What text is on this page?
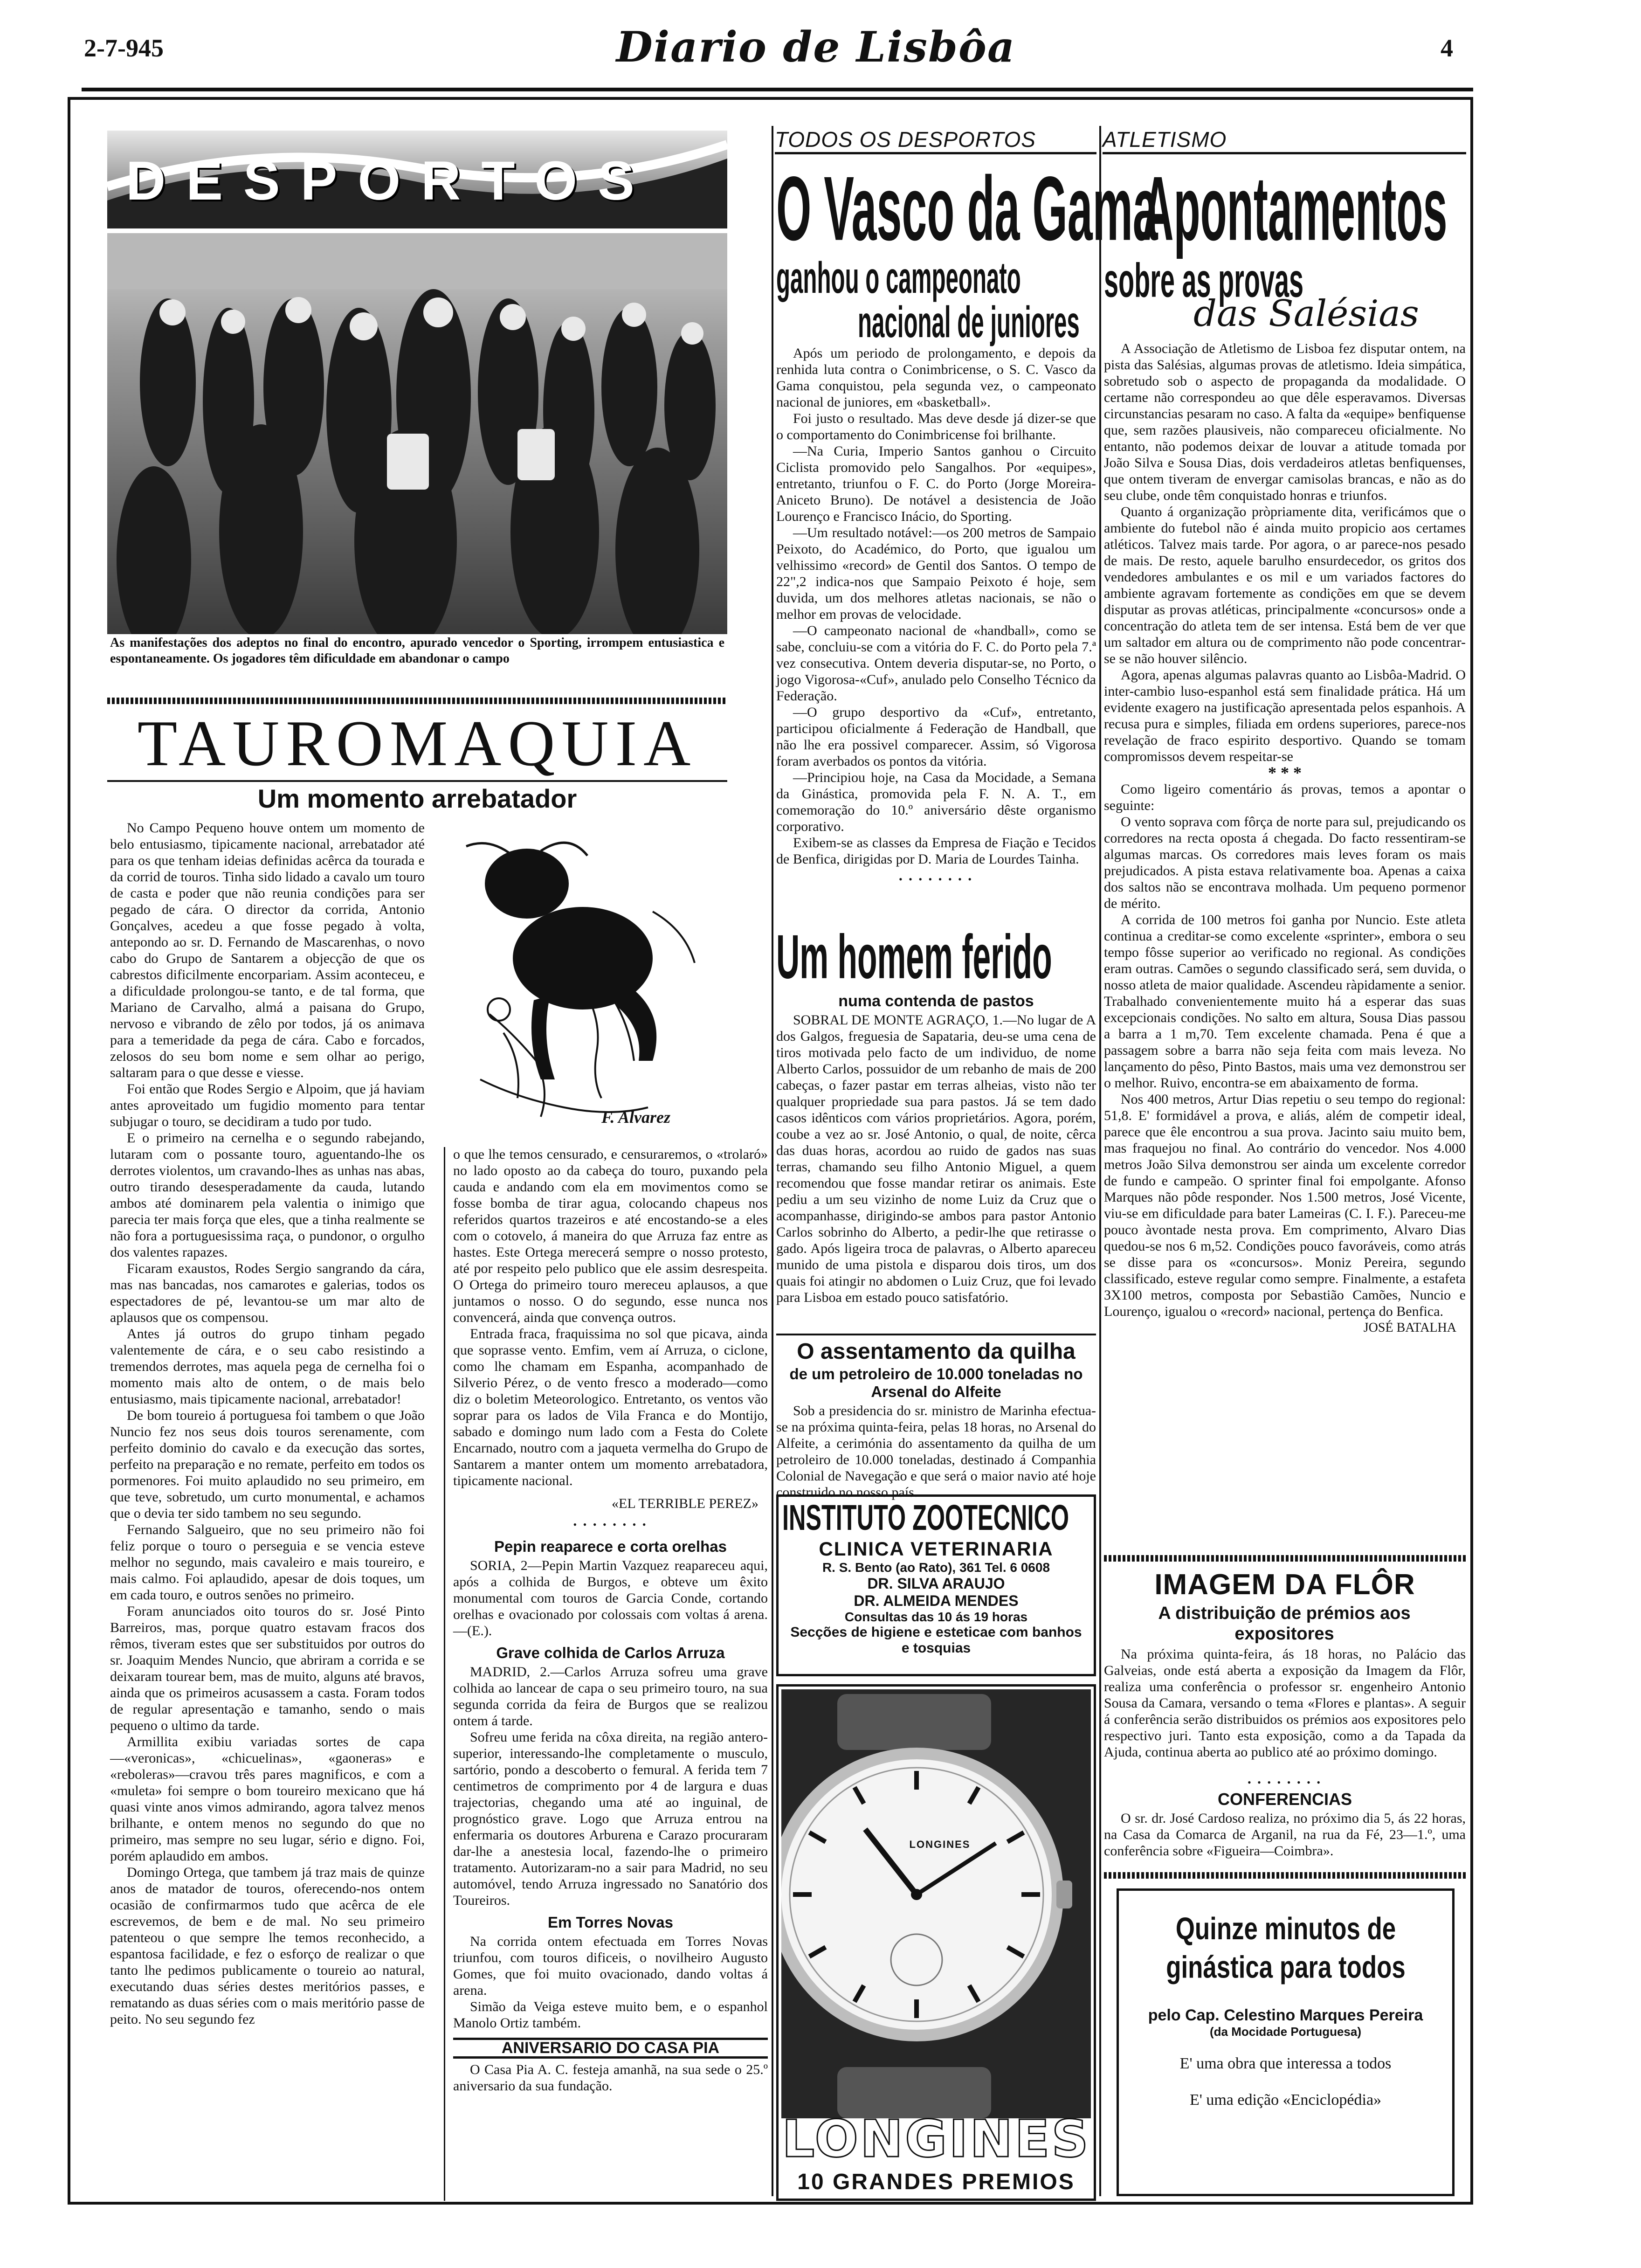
2-7-945	Diario de Lisbôa	4
DESPORTOS
As manifestações dos adeptos no final do encontro, apurado vencedor o Sporting, irrompem entusiastica e espontaneamente. Os jogadores têm dificuldade em abandonar o campo
TAUROMAQUIA
Um momento arrebatador
F. Alvarez

No Campo Pequeno houve ontem um momento de belo entusiasmo, tipicamente nacional, arrebatador até para os que tenham ideias definidas acêrca da tourada e da corrid de touros. Tinha sido lidado a cavalo um touro de casta e poder que não reunia condições para ser pegado de cára. O director da corrida, Antonio Gonçalves, acedeu a que fosse pegado à volta, antepondo ao sr. D. Fernando de Mascarenhas, o novo cabo do Grupo de Santarem a objecção de que os cabrestos dificilmente encorpariam. Assim aconteceu, e a dificuldade prolongou-se tanto, e de tal forma, que Mariano de Carvalho, almá a paisana do Grupo, nervoso e vibrando de zêlo por todos, já os animava para a temeridade da pega de cára. Cabo e forcados, zelosos do seu bom nome e sem olhar ao perigo, saltaram para o que desse e viesse.

Foi então que Rodes Sergio e Alpoim, que já haviam antes aproveitado um fugidio momento para tentar subjugar o touro, se decidiram a tudo por tudo.

E o primeiro na cernelha e o segundo rabejando, lutaram com o possante touro, aguentando-lhe os derrotes violentos, um cravando-lhes as unhas nas abas, outro tirando desesperadamente da cauda, lutando ambos até dominarem pela valentia o inimigo que parecia ter mais força que eles, que a tinha realmente se não fora a portuguesissima raça, o pundonor, o orgulho dos valentes rapazes.

Ficaram exaustos, Rodes Sergio sangrando da cára, mas nas bancadas, nos camarotes e galerias, todos os espectadores de pé, levantou-se um mar alto de aplausos que os compensou.

Antes já outros do grupo tinham pegado valentemente de cára, e o seu cabo resistindo a tremendos derrotes, mas aquela pega de cernelha foi o momento mais alto de ontem, o de mais belo entusiasmo, mais tipicamente nacional, arrebatador!

De bom toureio á portuguesa foi tambem o que João Nuncio fez nos seus dois touros serenamente, com perfeito dominio do cavalo e da execução das sortes, perfeito na preparação e no remate, perfeito em todos os pormenores. Foi muito aplaudido no seu primeiro, em que teve, sobretudo, um curto monumental, e achamos que o devia ter sido tambem no seu segundo.

Fernando Salgueiro, que no seu primeiro não foi feliz porque o touro o perseguia e se vencia esteve melhor no segundo, mais cavaleiro e mais toureiro, e mais calmo. Foi aplaudido, apesar de dois toques, um em cada touro, e outros senões no primeiro.

Foram anunciados oito touros do sr. José Pinto Barreiros, mas, porque quatro estavam fracos dos rêmos, tiveram estes que ser substituidos por outros do sr. Joaquim Mendes Nuncio, que abriram a corrida e se deixaram tourear bem, mas de muito, alguns até bravos, ainda que os primeiros acusassem a casta. Foram todos de regular apresentação e tamanho, sendo o mais pequeno o ultimo da tarde.

Armillita exibiu variadas sortes de capa—«veronicas», «chicuelinas», «gaoneras» e «reboleras»—cravou três pares magnificos, e com a «muleta» foi sempre o bom toureiro mexicano que há quasi vinte anos vimos admirando, agora talvez menos brilhante, e ontem menos no segundo do que no primeiro, mas sempre no seu lugar, sério e digno. Foi, porém aplaudido em ambos.

Domingo Ortega, que tambem já traz mais de quinze anos de matador de touros, oferecendo-nos ontem ocasião de confirmarmos tudo que acêrca de ele escrevemos, de bem e de mal. No seu primeiro patenteou o que sempre lhe temos reconhecido, a espantosa facilidade, e fez o esforço de realizar o que tanto lhe pedimos publicamente o toureio ao natural, executando duas séries destes meritórios passes, e rematando as duas séries com o mais meritório passe de peito. No seu segundo fez

o que lhe temos censurado, e censuraremos, o «trolaró» no lado oposto ao da cabeça do touro, puxando pela cauda e andando com ela em movimentos como se fosse bomba de tirar agua, colocando chapeus nos referidos quartos trazeiros e até encostando-se a eles com o cotovelo, á maneira do que Arruza faz entre as hastes. Este Ortega merecerá sempre o nosso protesto, até por respeito pelo publico que ele assim desrespeita. O Ortega do primeiro touro mereceu aplausos, a que juntamos o nosso. O do segundo, esse nunca nos convencerá, ainda que convença outros.

Entrada fraca, fraquissima no sol que picava, ainda que soprasse vento. Emfim, vem aí Arruza, o ciclone, como lhe chamam em Espanha, acompanhado de Silverio Pérez, o de vento fresco a moderado—como diz o boletim Meteorologico. Entretanto, os ventos vão soprar para os lados de Vila Franca e do Montijo, sabado e domingo num lado com a Festa do Colete Encarnado, noutro com a jaqueta vermelha do Grupo de Santarem a manter ontem um momento arrebatadora, tipicamente nacional.

«EL TERRIBLE PEREZ»
• • • • • • • •
Pepin reaparece e corta orelhas

SORIA, 2—Pepin Martin Vazquez reapareceu aqui, após a colhida de Burgos, e obteve um êxito monumental com touros de Garcia Conde, cortando orelhas e ovacionado por colossais com voltas á arena.—(E.).

Grave colhida de Carlos Arruza

MADRID, 2.—Carlos Arruza sofreu uma grave colhida ao lancear de capa o seu primeiro touro, na sua segunda corrida da feira de Burgos que se realizou ontem á tarde.

Sofreu ume ferida na côxa direita, na região antero-superior, interessando-lhe completamente o musculo, sartório, pondo a descoberto o femural. A ferida tem 7 centimetros de comprimento por 4 de largura e duas trajectorias, chegando uma até ao inguinal, de prognóstico grave. Logo que Arruza entrou na enfermaria os doutores Arburena e Carazo procuraram dar-lhe a anestesia local, fazendo-lhe o primeiro tratamento. Autorizaram-no a sair para Madrid, no seu automóvel, tendo Arruza ingressado no Sanatório dos Toureiros.

Em Torres Novas

Na corrida ontem efectuada em Torres Novas triunfou, com touros dificeis, o novilheiro Augusto Gomes, que foi muito ovacionado, dando voltas á arena.

Simão da Veiga esteve muito bem, e o espanhol Manolo Ortiz também.

ANIVERSARIO DO CASA PIA

O Casa Pia A. C. festeja amanhã, na sua sede o 25.º aniversario da sua fundação.

TODOS OS DESPORTOS
O Vasco da Gama
ganhou o campeonato
nacional de juniores

Após um periodo de prolongamento, e depois da renhida luta contra o Conimbricense, o S. C. Vasco da Gama conquistou, pela segunda vez, o campeonato nacional de juniores, em «basketball».

Foi justo o resultado. Mas deve desde já dizer-se que o comportamento do Conimbricense foi brilhante.

—Na Curia, Imperio Santos ganhou o Circuito Ciclista promovido pelo Sangalhos. Por «equipes», entretanto, triunfou o F. C. do Porto (Jorge Moreira-Aniceto Bruno). De notável a desistencia de João Lourenço e Francisco Inácio, do Sporting.

—Um resultado notável:—os 200 metros de Sampaio Peixoto, do Académico, do Porto, que igualou um velhissimo «record» de Gentil dos Santos. O tempo de 22",2 indica-nos que Sampaio Peixoto é hoje, sem duvida, um dos melhores atletas nacionais, se não o melhor em provas de velocidade.

—O campeonato nacional de «handball», como se sabe, concluiu-se com a vitória do F. C. do Porto pela 7.ª vez consecutiva. Ontem deveria disputar-se, no Porto, o jogo Vigorosa-«Cuf», anulado pelo Conselho Técnico da Federação.

—O grupo desportivo da «Cuf», entretanto, participou oficialmente á Federação de Handball, que não lhe era possivel comparecer. Assim, só Vigorosa foram averbados os pontos da vitória.

—Principiou hoje, na Casa da Mocidade, a Semana da Ginástica, promovida pela F. N. A. T., em comemoração do 10.º aniversário dêste organismo corporativo.

Exibem-se as classes da Empresa de Fiação e Tecidos de Benfica, dirigidas por D. Maria de Lourdes Tainha.

• • • • • • • •
Um homem ferido
numa contenda de pastos

SOBRAL DE MONTE AGRAÇO, 1.—No lugar de A dos Galgos, freguesia de Sapataria, deu-se uma cena de tiros motivada pelo facto de um individuo, de nome Alberto Carlos, possuidor de um rebanho de mais de 200 cabeças, o fazer pastar em terras alheias, visto não ter qualquer propriedade sua para pastos. Já se tem dado casos idênticos com vários proprietários. Agora, porém, coube a vez ao sr. José Antonio, o qual, de noite, cêrca das duas horas, acordou ao ruido de gados nas suas terras, chamando seu filho Antonio Miguel, a quem recomendou que fosse mandar retirar os animais. Este pediu a um seu vizinho de nome Luiz da Cruz que o acompanhasse, dirigindo-se ambos para pastor Antonio Carlos sobrinho do Alberto, a pedir-lhe que retirasse o gado. Após ligeira troca de palavras, o Alberto apareceu munido de uma pistola e disparou dois tiros, um dos quais foi atingir no abdomen o Luiz Cruz, que foi levado para Lisboa em estado pouco satisfatório.

O assentamento da quilha
de um petroleiro de 10.000 toneladas no Arsenal do Alfeite

Sob a presidencia do sr. ministro de Marinha efectua-se na próxima quinta-feira, pelas 18 horas, no Arsenal do Alfeite, a cerimónia do assentamento da quilha de um petroleiro de 10.000 toneladas, destinado á Companhia Colonial de Navegação e que será o maior navio até hoje construido no nosso país.

INSTITUTO ZOOTECNICO
CLINICA VETERINARIA
R. S. Bento (ao Rato), 361 Tel. 6 0608
DR. SILVA ARAUJO
DR. ALMEIDA MENDES
Consultas das 10 ás 19 horas
Secções de higiene e esteticae com banhos e tosquias
LONGINES
LONGINES
10 GRANDES PREMIOS
ATLETISMO
Apontamentos
sobre as provas
das Salésias

A Associação de Atletismo de Lisboa fez disputar ontem, na pista das Salésias, algumas provas de atletismo. Ideia simpática, sobretudo sob o aspecto de propaganda da modalidade. O certame não correspondeu ao que dêle esperavamos. Diversas circunstancias pesaram no caso. A falta da «equipe» benfiquense que, sem razões plausiveis, não compareceu oficialmente. No entanto, não podemos deixar de louvar a atitude tomada por João Silva e Sousa Dias, dois verdadeiros atletas benfiquenses, que ontem tiveram de envergar camisolas brancas, e não as do seu clube, onde têm conquistado honras e triunfos.

Quanto á organização pròpriamente dita, verificámos que o ambiente do futebol não é ainda muito propicio aos certames atléticos. Talvez mais tarde. Por agora, o ar parece-nos pesado de mais. De resto, aquele barulho ensurdecedor, os gritos dos vendedores ambulantes e os mil e um variados factores do ambiente agravam fortemente as condições em que se devem disputar as provas atléticas, principalmente «concursos» onde a concentração do atleta tem de ser intensa. Está bem de ver que um saltador em altura ou de comprimento não pode concentrar-se se não houver silêncio.

Agora, apenas algumas palavras quanto ao Lisbôa-Madrid. O inter-cambio luso-espanhol está sem finalidade prática. Há um evidente exagero na justificação apresentada pelos espanhois. A recusa pura e simples, filiada em ordens superiores, parece-nos revelação de fraco espirito desportivo. Quando se tomam compromissos devem respeitar-se

* * *

Como ligeiro comentário ás provas, temos a apontar o seguinte:

O vento soprava com fôrça de norte para sul, prejudicando os corredores na recta oposta á chegada. Do facto ressentiram-se algumas marcas. Os corredores mais leves foram os mais prejudicados. A pista estava relativamente boa. Apenas a caixa dos saltos não se encontrava molhada. Um pequeno pormenor de mérito.

A corrida de 100 metros foi ganha por Nuncio. Este atleta continua a creditar-se como excelente «sprinter», embora o seu tempo fôsse superior ao verificado no regional. As condições eram outras. Camões o segundo classificado será, sem duvida, o nosso atleta de maior qualidade. Ascendeu ràpidamente a senior. Trabalhado convenientemente muito há a esperar das suas excepcionais condições. No salto em altura, Sousa Dias passou a barra a 1 m,70. Tem excelente chamada. Pena é que a passagem sobre a barra não seja feita com mais leveza. No lançamento do pêso, Pinto Bastos, mais uma vez demonstrou ser o melhor. Ruivo, encontra-se em abaixamento de forma.

Nos 400 metros, Artur Dias repetiu o seu tempo do regional: 51,8. E' formidável a prova, e aliás, além de competir ideal, parece que êle encontrou a sua prova. Jacinto saiu muito bem, mas fraquejou no final. Ao contrário do vencedor. Nos 4.000 metros João Silva demonstrou ser ainda um excelente corredor de fundo e campeão. O sprinter final foi empolgante. Afonso Marques não pôde responder. Nos 1.500 metros, José Vicente, viu-se em dificuldade para bater Lameiras (C. I. F.). Pareceu-me pouco àvontade nesta prova. Em comprimento, Alvaro Dias quedou-se nos 6 m,52. Condições pouco favoráveis, como atrás se disse para os «concursos». Moniz Pereira, segundo classificado, esteve regular como sempre. Finalmente, a estafeta 3X100 metros, composta por Sebastião Camões, Nuncio e Lourenço, igualou o «record» nacional, pertença do Benfica.

JOSÉ BATALHA
IMAGEM DA FLÔR
A distribuição de prémios aos expositores

Na próxima quinta-feira, ás 18 horas, no Palácio das Galveias, onde está aberta a exposição da Imagem da Flôr, realiza uma conferência o professor sr. engenheiro Antonio Sousa da Camara, versando o tema «Flores e plantas». A seguir á conferência serão distribuidos os prémios aos expositores pelo respectivo juri. Tanto esta exposição, como a da Tapada da Ajuda, continua aberta ao publico até ao próximo domingo.

• • • • • • • •
CONFERENCIAS

O sr. dr. José Cardoso realiza, no próximo dia 5, ás 22 horas, na Casa da Comarca de Arganil, na rua da Fé, 23—1.º, uma conferência sobre «Figueira—Coimbra».

Quinze minutos de ginástica para todos
pelo Cap. Celestino Marques Pereira
(da Mocidade Portuguesa)
E' uma obra que interessa a todos
E' uma edição «Enciclopédia»
